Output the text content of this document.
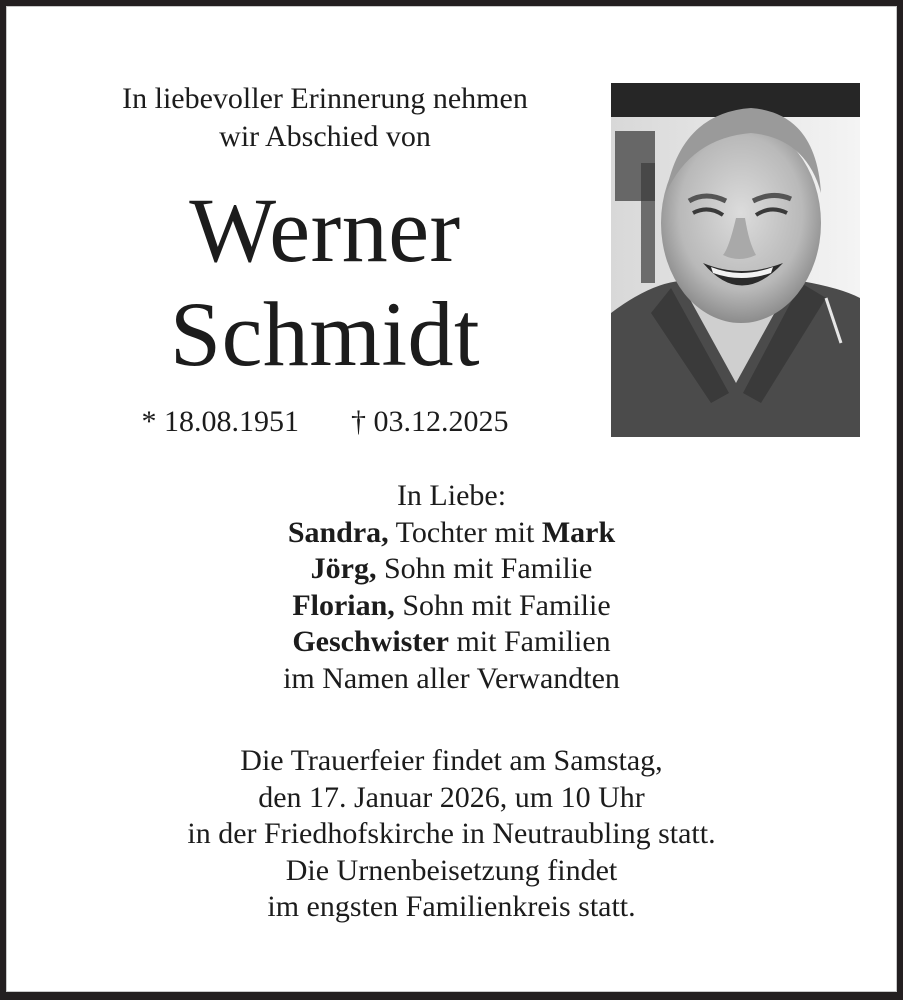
In liebevoller Erinnerung nehmen
wir Abschied von
Werner
Schmidt
* 18.08.1951 † 03.12.2025
In Liebe:
Sandra, Tochter mit Mark
Jörg, Sohn mit Familie
Florian, Sohn mit Familie
Geschwister mit Familien
im Namen aller Verwandten
Die Trauerfeier findet am Samstag,
den 17. Januar 2026, um 10 Uhr
in der Friedhofskirche in Neutraubling statt.
Die Urnenbeisetzung findet
im engsten Familienkreis statt.
